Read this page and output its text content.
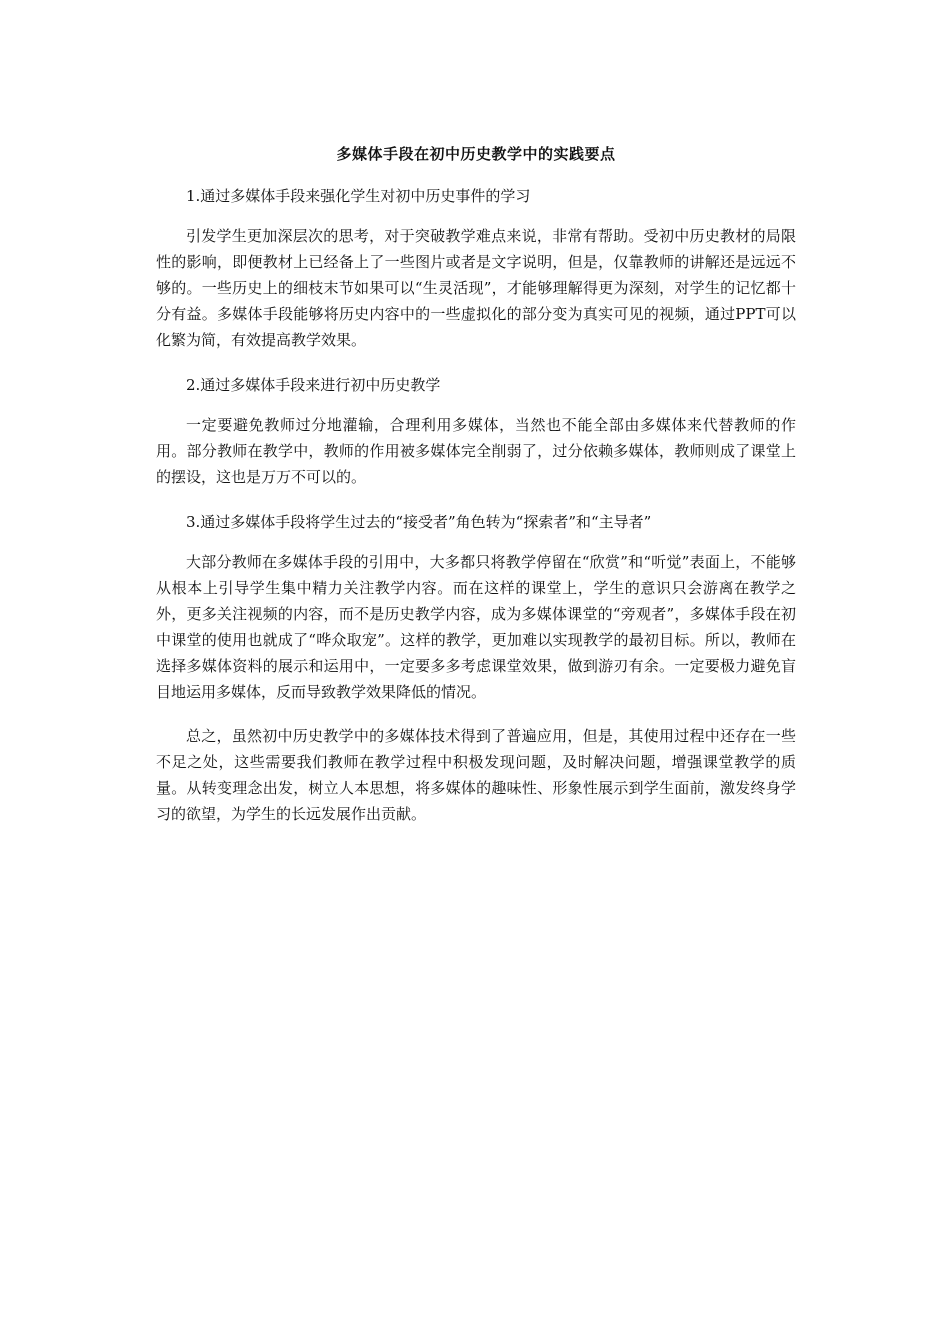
多媒体手段在初中历史教学中的实践要点

1.通过多媒体手段来强化学生对初中历史事件的学习

引发学生更加深层次的思考，对于突破教学难点来说，非常有帮助。受初中历史教材的局限性的影响，即便教材上已经备上了一些图片或者是文字说明，但是，仅靠教师的讲解还是远远不够的。一些历史上的细枝末节如果可以“生灵活现”，才能够理解得更为深刻，对学生的记忆都十分有益。多媒体手段能够将历史内容中的一些虚拟化的部分变为真实可见的视频，通过PPT可以化繁为简，有效提高教学效果。

2.通过多媒体手段来进行初中历史教学

一定要避免教师过分地灌输，合理利用多媒体，当然也不能全部由多媒体来代替教师的作用。部分教师在教学中，教师的作用被多媒体完全削弱了，过分依赖多媒体，教师则成了课堂上的摆设，这也是万万不可以的。

3.通过多媒体手段将学生过去的“接受者”角色转为“探索者”和“主导者”

大部分教师在多媒体手段的引用中，大多都只将教学停留在“欣赏”和“听觉”表面上，不能够从根本上引导学生集中精力关注教学内容。而在这样的课堂上，学生的意识只会游离在教学之外，更多关注视频的内容，而不是历史教学内容，成为多媒体课堂的“旁观者”，多媒体手段在初中课堂的使用也就成了“哗众取宠”。这样的教学，更加难以实现教学的最初目标。所以，教师在选择多媒体资料的展示和运用中，一定要多多考虑课堂效果，做到游刃有余。一定要极力避免盲目地运用多媒体，反而导致教学效果降低的情况。

总之，虽然初中历史教学中的多媒体技术得到了普遍应用，但是，其使用过程中还存在一些不足之处，这些需要我们教师在教学过程中积极发现问题，及时解决问题，增强课堂教学的质量。从转变理念出发，树立人本思想，将多媒体的趣味性、形象性展示到学生面前，激发终身学习的欲望，为学生的长远发展作出贡献。
